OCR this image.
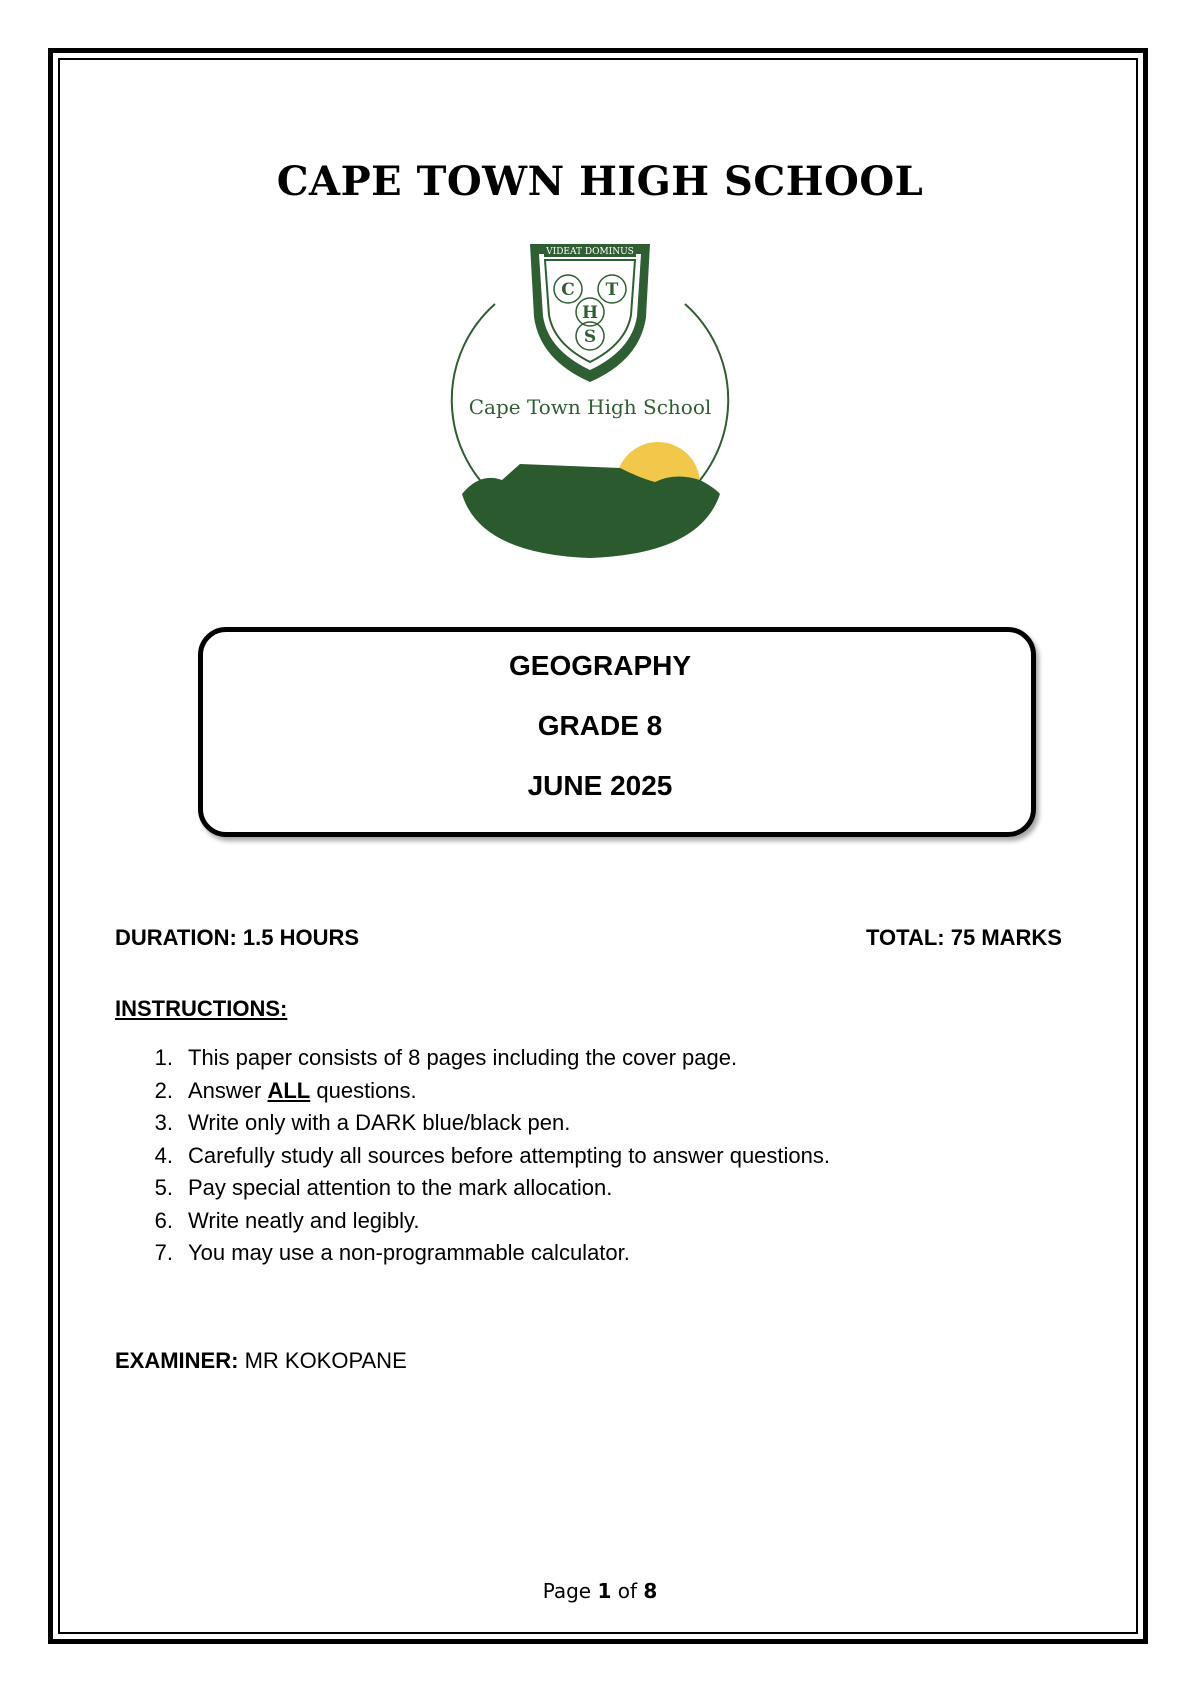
CAPE TOWN HIGH SCHOOL
VIDEAT DOMINUS
C T
H
S
Cape Town High School

GEOGRAPHY

GRADE 8

JUNE 2025

DURATION: 1.5 HOURS	TOTAL: 75 MARKS
INSTRUCTIONS:
1. This paper consists of 8 pages including the cover page.
2. Answer ALL questions.
3. Write only with a DARK blue/black pen.
4. Carefully study all sources before attempting to answer questions.
5. Pay special attention to the mark allocation.
6. Write neatly and legibly.
7. You may use a non-programmable calculator.
EXAMINER: MR KOKOPANE
Page 1 of 8
